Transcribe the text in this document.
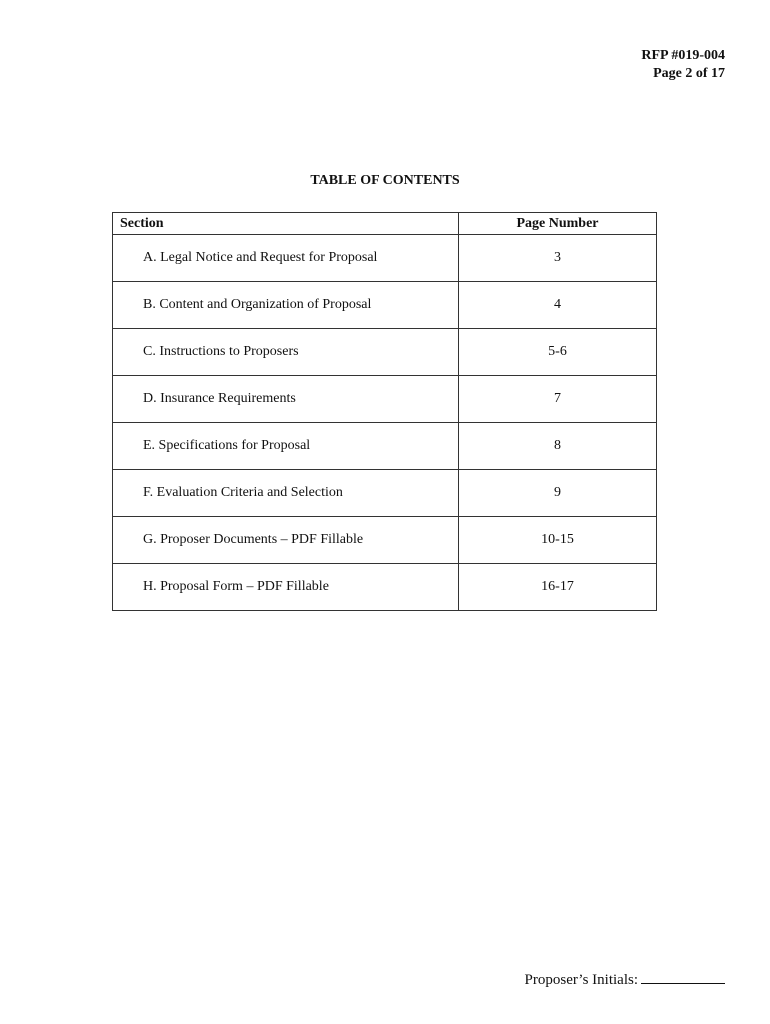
RFP #019-004
Page 2 of 17
TABLE OF CONTENTS
Section	Page Number
A. Legal Notice and Request for Proposal	3
B. Content and Organization of Proposal	4
C. Instructions to Proposers	5-6
D. Insurance Requirements	7
E. Specifications for Proposal	8
F. Evaluation Criteria and Selection	9
G. Proposer Documents – PDF Fillable	10-15
H. Proposal Form – PDF Fillable	16-17
Proposer’s Initials:
